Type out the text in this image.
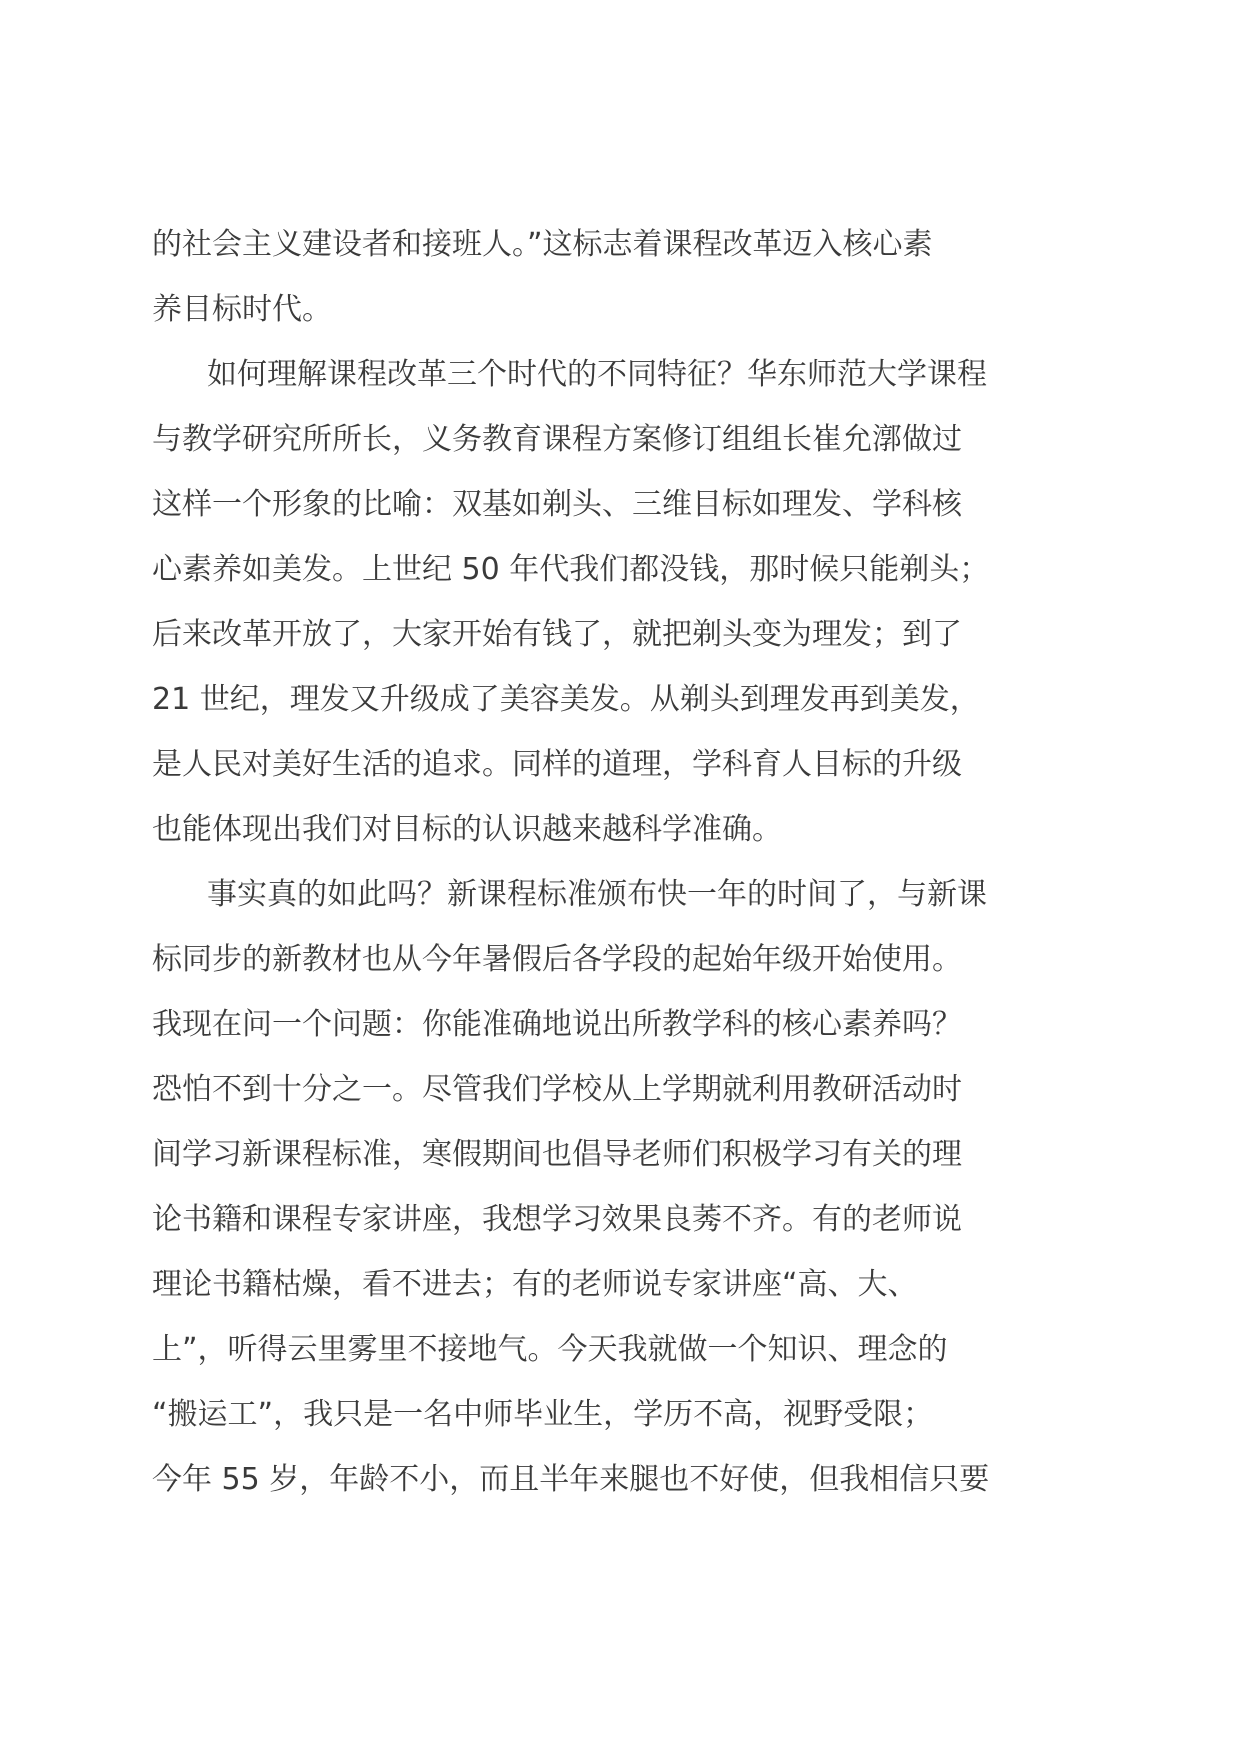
的社会主义建设者和接班人。”这标志着课程改革迈入核心素
养目标时代。
如何理解课程改革三个时代的不同特征？华东师范大学课程
与教学研究所所长，义务教育课程方案修订组组长崔允漷做过
这样一个形象的比喻：双基如剃头、三维目标如理发、学科核
心素养如美发。上世纪 50 年代我们都没钱，那时候只能剃头；
后来改革开放了，大家开始有钱了，就把剃头变为理发；到了
21 世纪，理发又升级成了美容美发。从剃头到理发再到美发，
是人民对美好生活的追求。同样的道理，学科育人目标的升级
也能体现出我们对目标的认识越来越科学准确。
事实真的如此吗？新课程标准颁布快一年的时间了，与新课
标同步的新教材也从今年暑假后各学段的起始年级开始使用。
我现在问一个问题：你能准确地说出所教学科的核心素养吗？
恐怕不到十分之一。尽管我们学校从上学期就利用教研活动时
间学习新课程标准，寒假期间也倡导老师们积极学习有关的理
论书籍和课程专家讲座，我想学习效果良莠不齐。有的老师说
理论书籍枯燥，看不进去；有的老师说专家讲座“高、大、
上”，听得云里雾里不接地气。今天我就做一个知识、理念的
“搬运工”，我只是一名中师毕业生，学历不高，视野受限；
今年 55 岁，年龄不小，而且半年来腿也不好使，但我相信只要
